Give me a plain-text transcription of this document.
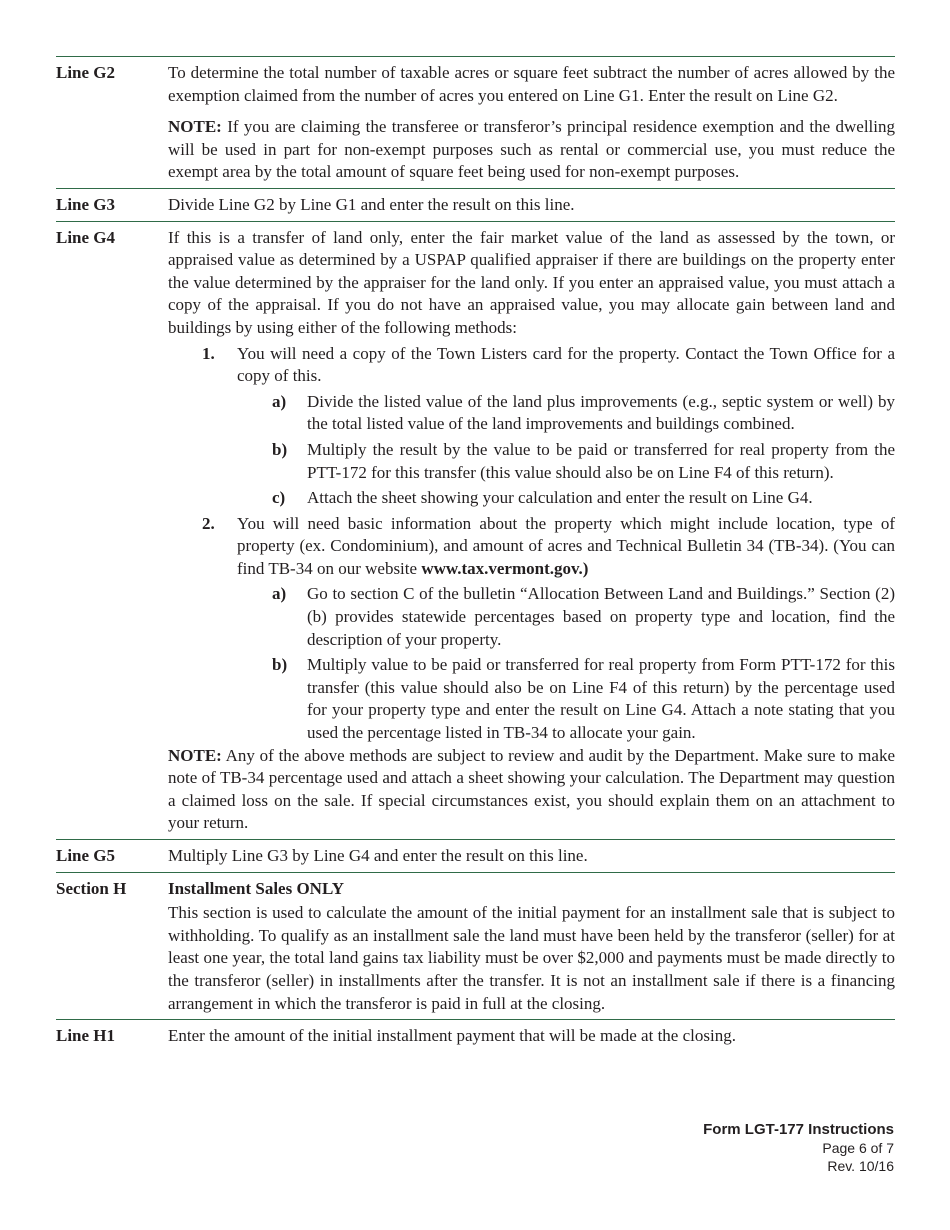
Line G2	To determine the total number of taxable acres or square feet subtract the number of acres allowed by the exemption claimed from the number of acres you entered on Line G1. Enter the result on Line G2.

NOTE: If you are claiming the transferee or transferor’s principal residence exemption and the dwelling will be used in part for non-exempt purposes such as rental or commercial use, you must reduce the exempt area by the total amount of square feet being used for non-exempt purposes.

Line G3	Divide Line G2 by Line G1 and enter the result on this line.
Line G4	If this is a transfer of land only, enter the fair market value of the land as assessed by the town, or appraised value as determined by a USPAP qualified appraiser if there are buildings on the property enter the value determined by the appraiser for the land only. If you enter an appraised value, you must attach a copy of the appraisal. If you do not have an appraised value, you may allocate gain between land and buildings by using either of the following methods:

1.	You will need a copy of the Town Listers card for the property. Contact the Town Office for a copy of this.
a)	Divide the listed value of the land plus improvements (e.g., septic system or well) by the total listed value of the land improvements and buildings combined.
b)	Multiply the result by the value to be paid or transferred for real property from the PTT-172 for this transfer (this value should also be on Line F4 of this return).
c)	Attach the sheet showing your calculation and enter the result on Line G4.
2.	You will need basic information about the property which might include location, type of property (ex. Condominium), and amount of acres and Technical Bulletin 34 (TB-34). (You can find TB-34 on our website www.tax.vermont.gov.)
a)	Go to section C of the bulletin “Allocation Between Land and Buildings.” Section (2)(b) provides statewide percentages based on property type and location, find the description of your property.
b)	Multiply value to be paid or transferred for real property from Form PTT-172 for this transfer (this value should also be on Line F4 of this return) by the percentage used for your property type and enter the result on Line G4. Attach a note stating that you used the percentage listed in TB-34 to allocate your gain.

NOTE: Any of the above methods are subject to review and audit by the Department. Make sure to make note of TB-34 percentage used and attach a sheet showing your calculation. The Department may question a claimed loss on the sale. If special circumstances exist, you should explain them on an attachment to your return.

Line G5	Multiply Line G3 by Line G4 and enter the result on this line.
Section H	Installment Sales ONLY

This section is used to calculate the amount of the initial payment for an installment sale that is subject to withholding. To qualify as an installment sale the land must have been held by the transferor (seller) for at least one year, the total land gains tax liability must be over $2,000 and payments must be made directly to the transferor (seller) in installments after the transfer. It is not an installment sale if there is a financing arrangement in which the transferor is paid in full at the closing.

Line H1	Enter the amount of the initial installment payment that will be made at the closing.
Form LGT-177 Instructions
Page 6 of 7
Rev. 10/16
